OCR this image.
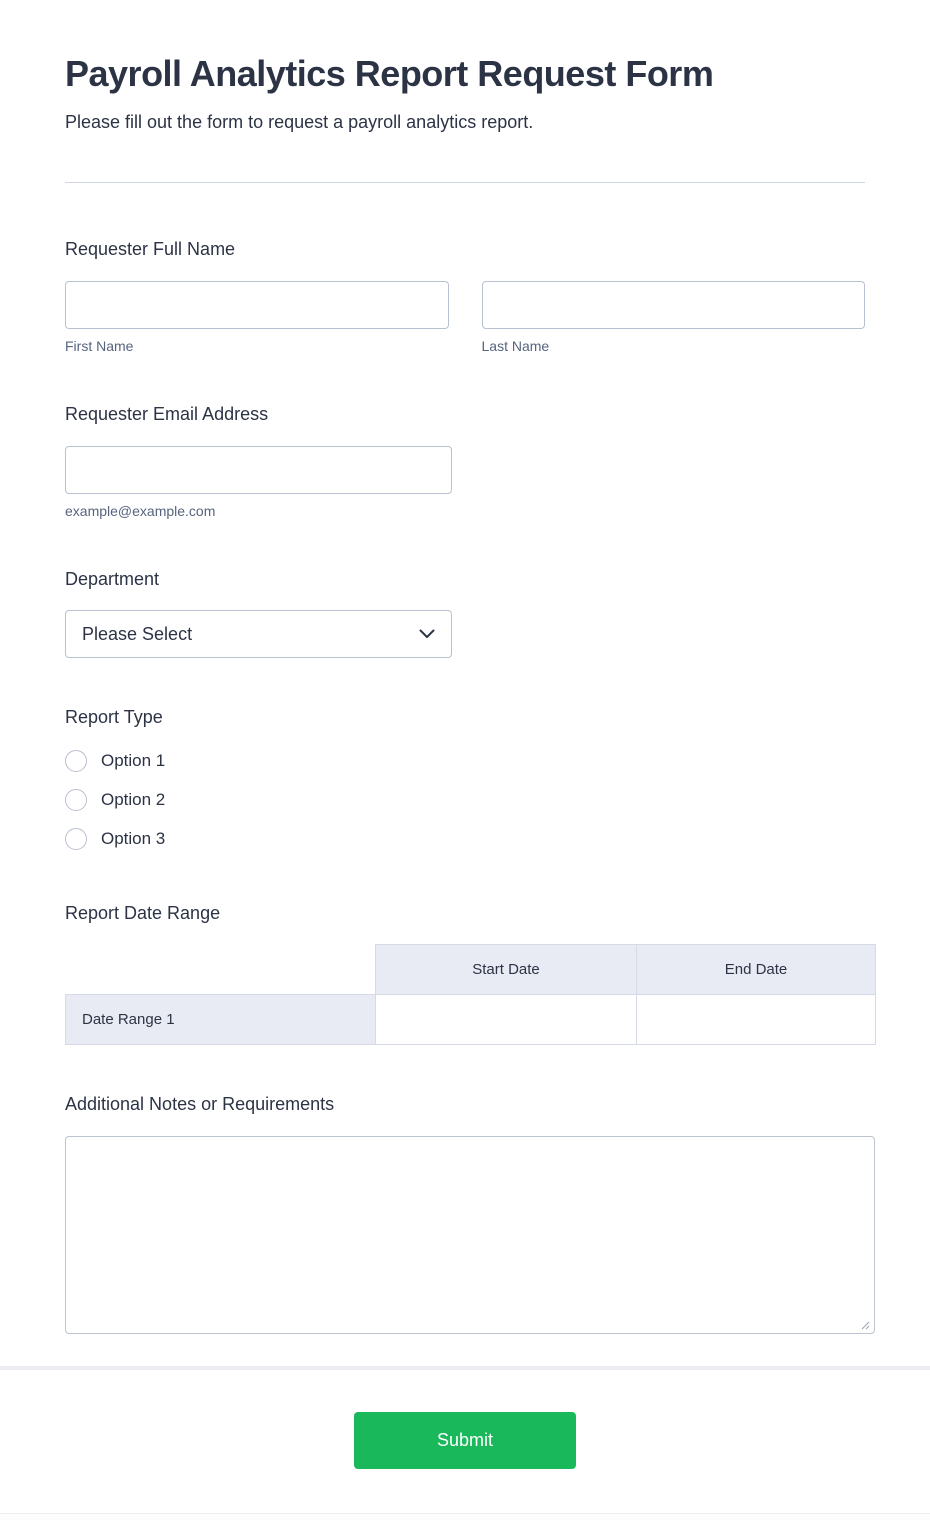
Payroll Analytics Report Request Form
Please fill out the form to request a payroll analytics report.
Requester Full Name
First Name	Last Name
Requester Email Address
example@example.com
Department
Please Select
Report Type
Option 1
Option 2
Option 3
Report Date Range
	Start Date	End Date
Date Range 1		
Additional Notes or Requirements
Submit
